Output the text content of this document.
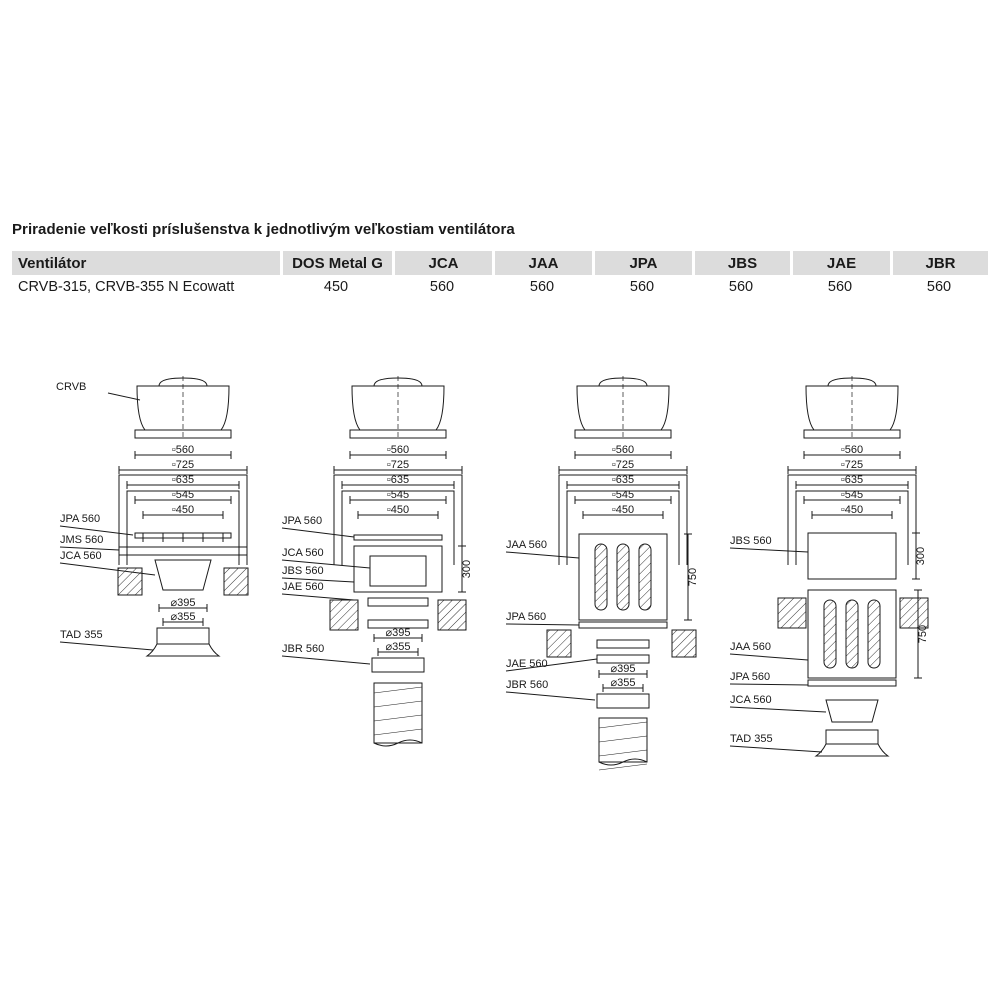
Priradenie veľkosti príslušenstva k jednotlivým veľkostiam ventilátora
Ventilátor	DOS Metal G	JCA	JAA	JPA	JBS	JAE	JBR
CRVB-315, CRVB-355 N Ecowatt	450	560	560	560	560	560	560
CRVB
▫560
▫725
▫635
▫545
▫450
JPA 560
JMS 560
JCA 560
⌀395
⌀355
TAD 355
▫560
▫725
▫635
▫545
▫450
300
JPA 560
JCA 560
JBS 560
JAE 560
⌀395
⌀355
JBR 560
▫560
▫725
▫635
▫545
▫450
750
JAA 560
JPA 560
JAE 560	⌀395
⌀355
JBR 560
▫560
▫725
▫635
▫545
▫450
300
JBS 560
750
JAA 560
JPA 560
JCA 560
TAD 355
